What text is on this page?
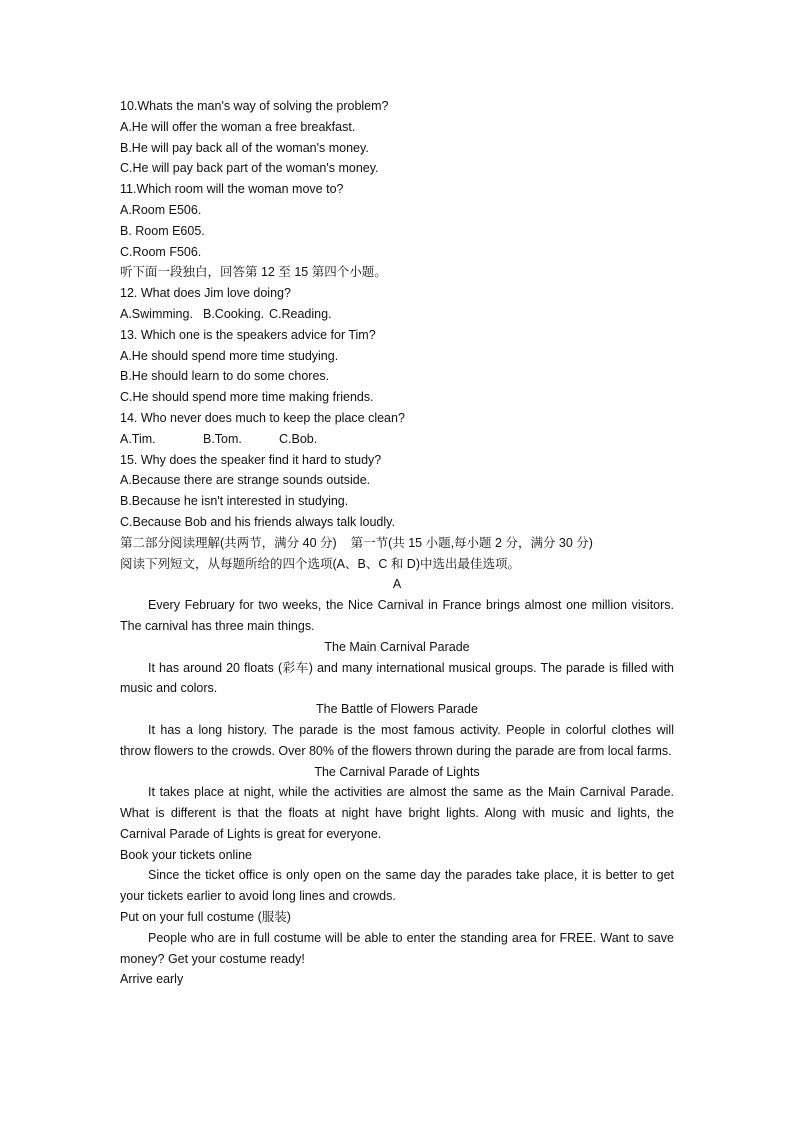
10.Whats the man's way of solving the problem?
A.He will offer the woman a free breakfast.
B.He will pay back all of the woman's money.
C.He will pay back part of the woman's money.
11.Which room will the woman move to?
A.Room E506.
B. Room E605.
C.Room F506.
听下面一段独白，回答第 12 至 15 第四个小题。
12. What does Jim love doing?
A.Swimming. B.Cooking. C.Reading.
13. Which one is the speakers advice for Tim?
A.He should spend more time studying.
B.He should learn to do some chores.
C.He should spend more time making friends.
14. Who never does much to keep the place clean?
A.Tim.	B.Tom.	C.Bob.
15. Why does the speaker find it hard to study?
A.Because there are strange sounds outside.
B.Because he isn't interested in studying.
C.Because Bob and his friends always talk loudly.
第二部分阅读理解(共两节，满分 40 分)    第一节(共 15 小题,每小题 2 分，满分 30 分)
阅读下列短文，从每题所给的四个选项(A、B、C 和 D)中选出最佳选项。
A
Every February for two weeks, the Nice Carnival in France brings almost one million visitors. The carnival has three main things.
The Main Carnival Parade
It has around 20 floats (彩车) and many international musical groups. The parade is filled with music and colors.
The Battle of Flowers Parade
It has a long history. The parade is the most famous activity. People in colorful clothes will throw flowers to the crowds. Over 80% of the flowers thrown during the parade are from local farms.
The Carnival Parade of Lights
It takes place at night, while the activities are almost the same as the Main Carnival Parade. What is different is that the floats at night have bright lights. Along with music and lights, the Carnival Parade of Lights is great for everyone.
Book your tickets online
Since the ticket office is only open on the same day the parades take place, it is better to get your tickets earlier to avoid long lines and crowds.
Put on your full costume (服装)
People who are in full costume will be able to enter the standing area for FREE. Want to save money? Get your costume ready!
Arrive early
